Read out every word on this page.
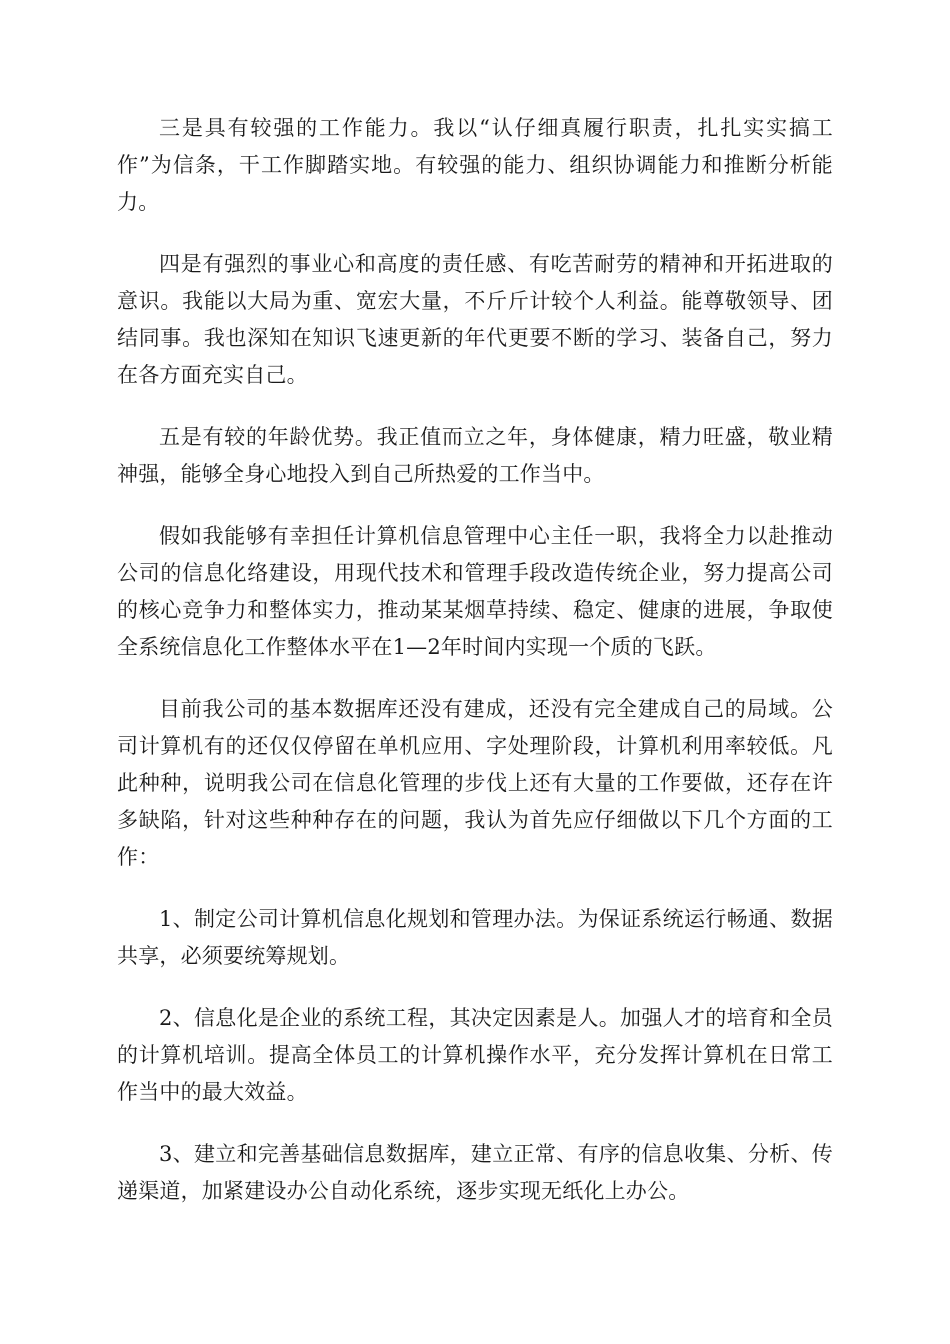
三是具有较强的工作能力。我以“认仔细真履行职责，扎扎实实搞工作”为信条，干工作脚踏实地。有较强的能力、组织协调能力和推断分析能力。

四是有强烈的事业心和高度的责任感、有吃苦耐劳的精神和开拓进取的意识。我能以大局为重、宽宏大量，不斤斤计较个人利益。能尊敬领导、团结同事。我也深知在知识飞速更新的年代更要不断的学习、装备自己，努力在各方面充实自己。

五是有较的年龄优势。我正值而立之年，身体健康，精力旺盛，敬业精神强，能够全身心地投入到自己所热爱的工作当中。

假如我能够有幸担任计算机信息管理中心主任一职，我将全力以赴推动公司的信息化络建设，用现代技术和管理手段改造传统企业，努力提高公司的核心竞争力和整体实力，推动某某烟草持续、稳定、健康的进展，争取使全系统信息化工作整体水平在1—2年时间内实现一个质的飞跃。

目前我公司的基本数据库还没有建成，还没有完全建成自己的局域。公司计算机有的还仅仅停留在单机应用、字处理阶段，计算机利用率较低。凡此种种，说明我公司在信息化管理的步伐上还有大量的工作要做，还存在许多缺陷，针对这些种种存在的问题，我认为首先应仔细做以下几个方面的工作：

1、制定公司计算机信息化规划和管理办法。为保证系统运行畅通、数据共享，必须要统筹规划。

2、信息化是企业的系统工程，其决定因素是人。加强人才的培育和全员的计算机培训。提高全体员工的计算机操作水平，充分发挥计算机在日常工作当中的最大效益。

3、建立和完善基础信息数据库，建立正常、有序的信息收集、分析、传递渠道，加紧建设办公自动化系统，逐步实现无纸化上办公。
